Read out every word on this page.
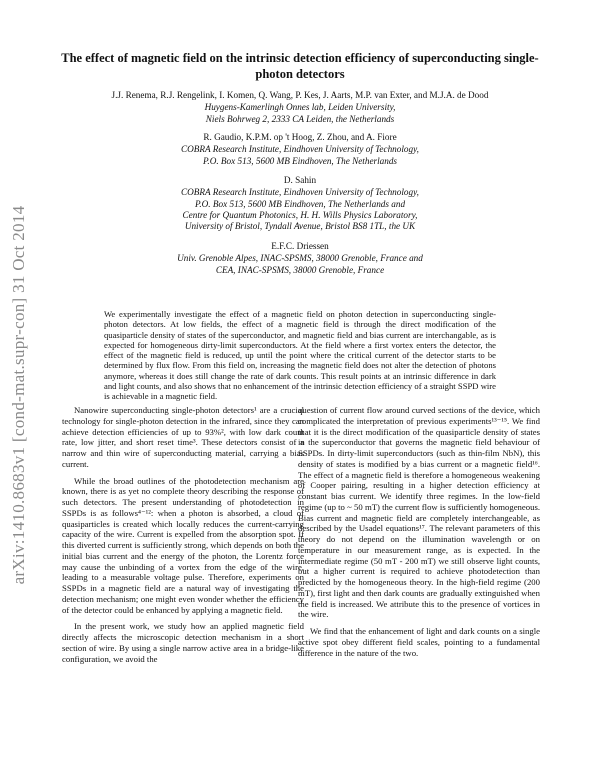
arXiv:1410.8683v1 [cond-mat.supr-con] 31 Oct 2014
The effect of magnetic field on the intrinsic detection efficiency of superconducting single-photon detectors
J.J. Renema, R.J. Rengelink, I. Komen, Q. Wang, P. Kes, J. Aarts, M.P. van Exter, and M.J.A. de Dood
Huygens-Kamerlingh Onnes lab, Leiden University,
Niels Bohrweg 2, 2333 CA Leiden, the Netherlands
R. Gaudio, K.P.M. op 't Hoog, Z. Zhou, and A. Fiore
COBRA Research Institute, Eindhoven University of Technology,
P.O. Box 513, 5600 MB Eindhoven, The Netherlands
D. Sahin
COBRA Research Institute, Eindhoven University of Technology,
P.O. Box 513, 5600 MB Eindhoven, The Netherlands and
Centre for Quantum Photonics, H. H. Wills Physics Laboratory,
University of Bristol, Tyndall Avenue, Bristol BS8 1TL, the UK
E.F.C. Driessen
Univ. Grenoble Alpes, INAC-SPSMS, 38000 Grenoble, France and
CEA, INAC-SPSMS, 38000 Grenoble, France

We experimentally investigate the effect of a magnetic field on photon detection in superconducting single-photon detectors. At low fields, the effect of a magnetic field is through the direct modification of the quasiparticle density of states of the superconductor, and magnetic field and bias current are interchangable, as is expected for homogeneous dirty-limit superconductors. At the field where a first vortex enters the detector, the effect of the magnetic field is reduced, up until the point where the critical current of the detector starts to be determined by flux flow. From this field on, increasing the magnetic field does not alter the detection of photons anymore, whereas it does still change the rate of dark counts. This result points at an intrinsic difference in dark and light counts, and also shows that no enhancement of the intrinsic detection efficiency of a straight SSPD wire is achievable in a magnetic field.

Nanowire superconducting single-photon detectors¹ are a crucial technology for single-photon detection in the infrared, since they can achieve detection efficiencies of up to 93%², with low dark count rate, low jitter, and short reset time³. These detectors consist of a narrow and thin wire of superconducting material, carrying a bias current.

While the broad outlines of the photodetection mechanism are known, there is as yet no complete theory describing the response of such detectors. The present understanding of photodetection in SSPDs is as follows⁴⁻¹²: when a photon is absorbed, a cloud of quasiparticles is created which locally reduces the current-carrying capacity of the wire. Current is expelled from the absorption spot. If this diverted current is sufficiently strong, which depends on both the initial bias current and the energy of the photon, the Lorentz force may cause the unbinding of a vortex from the edge of the wire, leading to a measurable voltage pulse. Therefore, experiments on SSPDs in a magnetic field are a natural way of investigating the detection mechanism; one might even wonder whether the efficiency of the detector could be enhanced by applying a magnetic field.

In the present work, we study how an applied magnetic field directly affects the microscopic detection mechanism in a short section of wire. By using a single narrow active area in a bridge-like configuration, we avoid the

question of current flow around curved sections of the device, which complicated the interpretation of previous experiments¹³⁻¹⁵. We find that it is the direct modification of the quasiparticle density of states in the superconductor that governs the magnetic field behaviour of SSPDs. In dirty-limit superconductors (such as thin-film NbN), this density of states is modified by a bias current or a magnetic field¹⁶. The effect of a magnetic field is therefore a homogeneous weakening of Cooper pairing, resulting in a higher detection efficiency at constant bias current. We identify three regimes. In the low-field regime (up to ~ 50 mT) the current flow is sufficiently homogeneous. Bias current and magnetic field are completely interchangeable, as described by the Usadel equations¹⁷. The relevant parameters of this theory do not depend on the illumination wavelength or on temperature in our measurement range, as is expected. In the intermediate regime (50 mT - 200 mT) we still observe light counts, but a higher current is required to achieve photodetection than predicted by the homogeneous theory. In the high-field regime (200 mT), first light and then dark counts are gradually extinguished when the field is increased. We attribute this to the presence of vortices in the wire.

We find that the enhancement of light and dark counts on a single active spot obey different field scales, pointing to a fundamental difference in the nature of the two.
